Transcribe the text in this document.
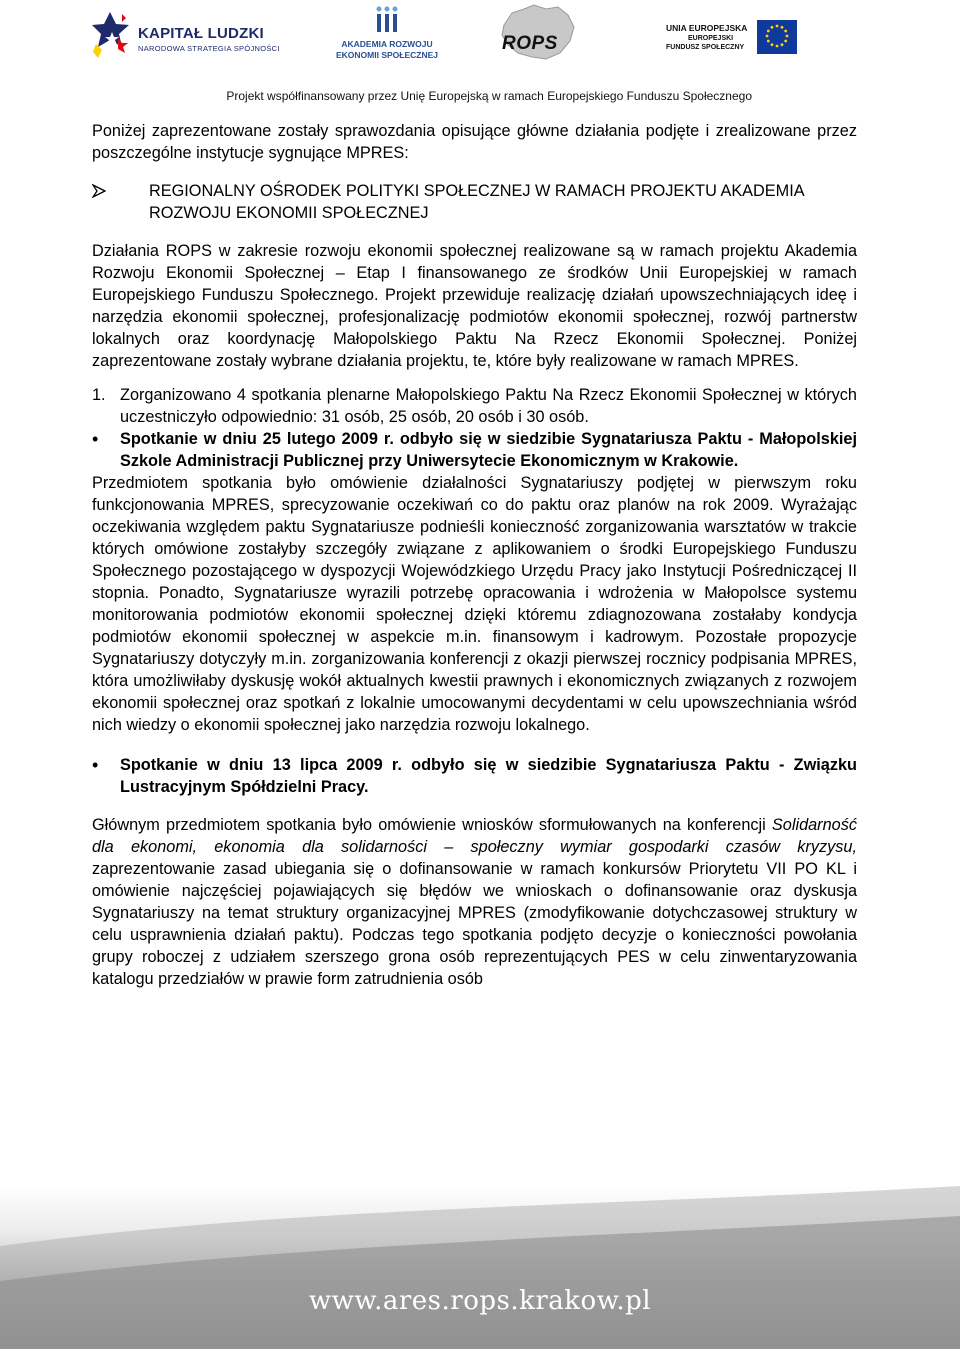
KAPITAŁ LUDZKI
NARODOWA STRATEGIA SPÓJNOŚCI	AKADEMIA ROZWOJU
EKONOMII SPOŁECZNEJ
ROPS
UNIA EUROPEJSKA
EUROPEJSKI
FUNDUSZ SPOŁECZNY
Projekt współfinansowany przez Unię Europejską w ramach Europejskiego Funduszu Społecznego

Poniżej zaprezentowane zostały sprawozdania opisujące główne działania podjęte i zrealizowane przez poszczególne instytucje sygnujące MPRES:

REGIONALNY OŚRODEK POLITYKI SPOŁECZNEJ W RAMACH PROJEKTU AKADEMIA ROZWOJU EKONOMII SPOŁECZNEJ

Działania ROPS w zakresie rozwoju ekonomii społecznej realizowane są w ramach projektu Akademia Rozwoju Ekonomii Społecznej – Etap I finansowanego ze środków Unii Europejskiej w ramach Europejskiego Funduszu Społecznego. Projekt przewiduje realizację działań upowszechniających ideę i narzędzia ekonomii społecznej, profesjonalizację podmiotów ekonomii społecznej, rozwój partnerstw lokalnych oraz koordynację Małopolskiego Paktu Na Rzecz Ekonomii Społecznej. Poniżej zaprezentowane zostały wybrane działania projektu, te, które były realizowane w ramach MPRES.

1. Zorganizowano 4 spotkania plenarne Małopolskiego Paktu Na Rzecz Ekonomii Społecznej w których uczestniczyło odpowiednio: 31 osób, 25 osób, 20 osób i 30 osób.
•	Spotkanie w dniu 25 lutego 2009 r. odbyło się w siedzibie Sygnatariusza Paktu - Małopolskiej Szkole Administracji Publicznej przy Uniwersytecie Ekonomicznym w Krakowie.

Przedmiotem spotkania było omówienie działalności Sygnatariuszy podjętej w pierwszym roku funkcjonowania MPRES, sprecyzowanie oczekiwań co do paktu oraz planów na rok 2009. Wyrażając oczekiwania względem paktu Sygnatariusze podnieśli konieczność zorganizowania warsztatów w trakcie których omówione zostałyby szczegóły związane z aplikowaniem o środki Europejskiego Funduszu Społecznego pozostającego w dyspozycji Wojewódzkiego Urzędu Pracy jako Instytucji Pośredniczącej II stopnia. Ponadto, Sygnatariusze wyrazili potrzebę opracowania i wdrożenia w Małopolsce systemu monitorowania podmiotów ekonomii społecznej dzięki któremu zdiagnozowana zostałaby kondycja podmiotów ekonomii społecznej w aspekcie m.in. finansowym i kadrowym. Pozostałe propozycje Sygnatariuszy dotyczyły m.in. zorganizowania konferencji z okazji pierwszej rocznicy podpisania MPRES, która umożliwiłaby dyskusję wokół aktualnych kwestii prawnych i ekonomicznych związanych z rozwojem ekonomii społecznej oraz spotkań z lokalnie umocowanymi decydentami w celu upowszechniania wśród nich wiedzy o ekonomii społecznej jako narzędzia rozwoju lokalnego.

•	Spotkanie w dniu 13 lipca 2009 r. odbyło się w siedzibie Sygnatariusza Paktu - Związku Lustracyjnym Spółdzielni Pracy.

Głównym przedmiotem spotkania było omówienie wniosków sformułowanych na konferencji Solidarność dla ekonomi, ekonomia dla solidarności – społeczny wymiar gospodarki czasów kryzysu, zaprezentowanie zasad ubiegania się o dofinansowanie w ramach konkursów Priorytetu VII PO KL i omówienie najczęściej pojawiających się błędów we wnioskach o dofinansowanie oraz dyskusja Sygnatariuszy na temat struktury organizacyjnej MPRES (zmodyfikowanie dotychczasowej struktury w celu usprawnienia działań paktu). Podczas tego spotkania podjęto decyzje o konieczności powołania grupy roboczej z udziałem szerszego grona osób reprezentujących PES w celu zinwentaryzowania katalogu przedziałów w prawie form zatrudnienia osób

www.ares.rops.krakow.pl
